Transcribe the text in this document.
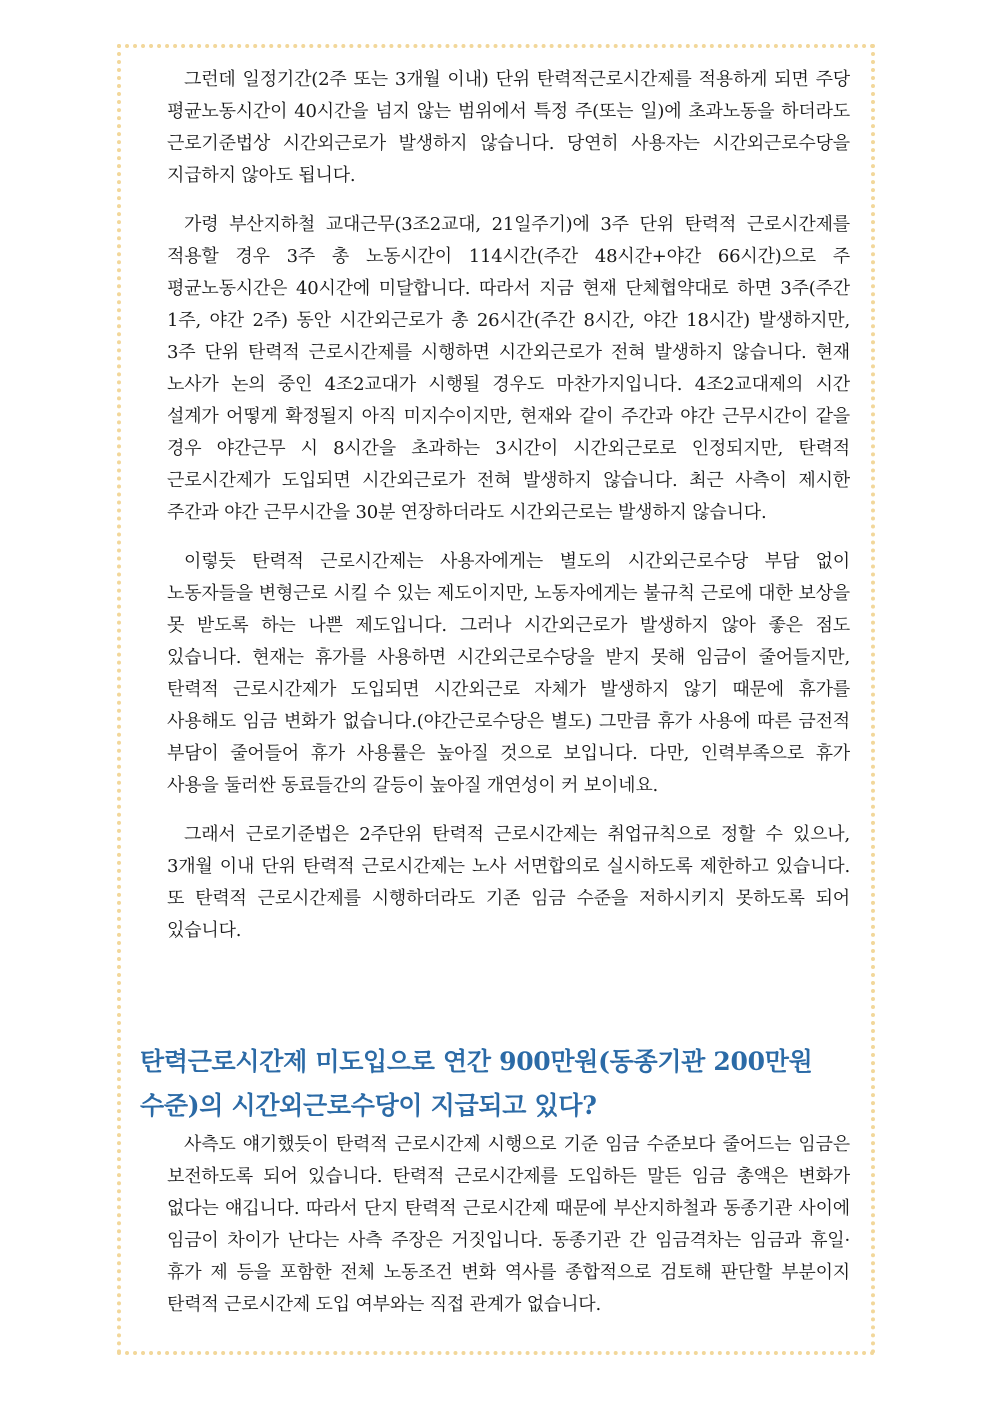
그런데 일정기간(2주 또는 3개월 이내) 단위 탄력적근로시간제를 적용하게 되면 주당 평균노동시간이 40시간을 넘지 않는 범위에서 특정 주(또는 일)에 초과노동을 하더라도 근로기준법상 시간외근로가 발생하지 않습니다. 당연히 사용자는 시간외근로수당을 지급하지 않아도 됩니다.

가령 부산지하철 교대근무(3조2교대, 21일주기)에 3주 단위 탄력적 근로시간제를 적용할 경우 3주 총 노동시간이 114시간(주간 48시간+야간 66시간)으로 주 평균노동시간은 40시간에 미달합니다. 따라서 지금 현재 단체협약대로 하면 3주(주간 1주, 야간 2주) 동안 시간외근로가 총 26시간(주간 8시간, 야간 18시간) 발생하지만, 3주 단위 탄력적 근로시간제를 시행하면 시간외근로가 전혀 발생하지 않습니다. 현재 노사가 논의 중인 4조2교대가 시행될 경우도 마찬가지입니다. 4조2교대제의 시간 설계가 어떻게 확정될지 아직 미지수이지만, 현재와 같이 주간과 야간 근무시간이 같을 경우 야간근무 시 8시간을 초과하는 3시간이 시간외근로로 인정되지만, 탄력적 근로시간제가 도입되면 시간외근로가 전혀 발생하지 않습니다. 최근 사측이 제시한 주간과 야간 근무시간을 30분 연장하더라도 시간외근로는 발생하지 않습니다.

이렇듯 탄력적 근로시간제는 사용자에게는 별도의 시간외근로수당 부담 없이 노동자들을 변형근로 시킬 수 있는 제도이지만, 노동자에게는 불규칙 근로에 대한 보상을 못 받도록 하는 나쁜 제도입니다. 그러나 시간외근로가 발생하지 않아 좋은 점도 있습니다. 현재는 휴가를 사용하면 시간외근로수당을 받지 못해 임금이 줄어들지만, 탄력적 근로시간제가 도입되면 시간외근로 자체가 발생하지 않기 때문에 휴가를 사용해도 임금 변화가 없습니다.(야간근로수당은 별도) 그만큼 휴가 사용에 따른 금전적 부담이 줄어들어 휴가 사용률은 높아질 것으로 보입니다. 다만, 인력부족으로 휴가 사용을 둘러싼 동료들간의 갈등이 높아질 개연성이 커 보이네요.

그래서 근로기준법은 2주단위 탄력적 근로시간제는 취업규칙으로 정할 수 있으나, 3개월 이내 단위 탄력적 근로시간제는 노사 서면합의로 실시하도록 제한하고 있습니다. 또 탄력적 근로시간제를 시행하더라도 기존 임금 수준을 저하시키지 못하도록 되어 있습니다.

탄력근로시간제 미도입으로 연간 900만원(동종기관 200만원 수준)의 시간외근로수당이 지급되고 있다?

사측도 얘기했듯이 탄력적 근로시간제 시행으로 기준 임금 수준보다 줄어드는 임금은 보전하도록 되어 있습니다. 탄력적 근로시간제를 도입하든 말든 임금 총액은 변화가 없다는 얘깁니다. 따라서 단지 탄력적 근로시간제 때문에 부산지하철과 동종기관 사이에 임금이 차이가 난다는 사측 주장은 거짓입니다. 동종기관 간 임금격차는 임금과 휴일·휴가 제 등을 포함한 전체 노동조건 변화 역사를 종합적으로 검토해 판단할 부분이지 탄력적 근로시간제 도입 여부와는 직접 관계가 없습니다.
